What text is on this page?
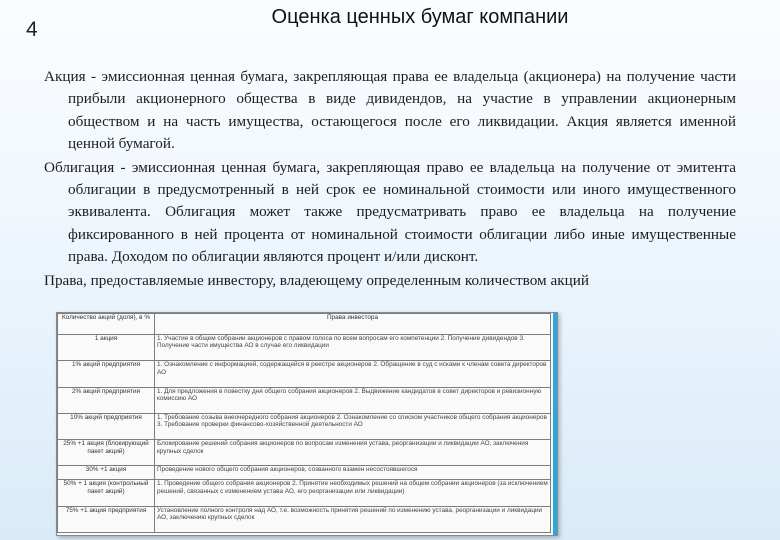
4
Оценка ценных бумаг компании

Акция - эмиссионная ценная бумага, закрепляющая права ее владельца (акционера) на получение части прибыли акционерного общества в виде дивидендов, на участие в управлении акционерным обществом и на часть имущества, остающегося после его ликвидации. Акция является именной ценной бумагой.

Облигация - эмиссионная ценная бумага, закрепляющая право ее владельца на получение от эмитента облигации в предусмотренный в ней срок ее номинальной стоимости или иного имущественного эквивалента. Облигация может также предусматривать право ее владельца на получение фиксированного в ней процента от номинальной стоимости облигации либо иные имущественные права. Доходом по облигации являются процент и/или дисконт.

Права, предоставляемые инвестору, владеющему определенным количеством акций

Количество акций (доля), в %	Права инвестора
1 акция	1. Участие в общем собрании акционеров с правом голоса по всем вопросам его компетенции 2. Получение дивидендов 3. Получение части имущества АО в случае его ликвидации
1% акций предприятия	1. Ознакомление с информацией, содержащейся в реестре акционеров 2. Обращение в суд с исками к членам совета директоров АО
2% акций предприятия	1. Для предложения в повестку дня общего собрания акционеров 2. Выдвижение кандидатов в совет директоров и ревизионную комиссию АО
10% акций предприятия	1. Требование созыва внеочередного собрания акционеров 2. Ознакомление со списком участников общего собрания акционеров 3. Требование проверки финансово-хозяйственной деятельности АО
25% +1 акция (блокирующий пакет акций)	Блокирование решений собрания акционеров по вопросам изменения устава, реорганизации и ликвидации АО, заключения крупных сделок
30% +1 акция	Проведение нового общего собрания акционеров, созванного взамен несостоявшегося
50% + 1 акция (контрольный пакет акций)	1. Проведение общего собрания акционеров 2. Принятие необходимых решений на общем собрании акционеров (за исключением решений, связанных с изменением устава АО, его реорганизации или ликвидации)
75% +1 акция предприятия	Установление полного контроля над АО, т.е. возможность принятия решений по изменению устава, реорганизации и ликвидации АО, заключению крупных сделок
